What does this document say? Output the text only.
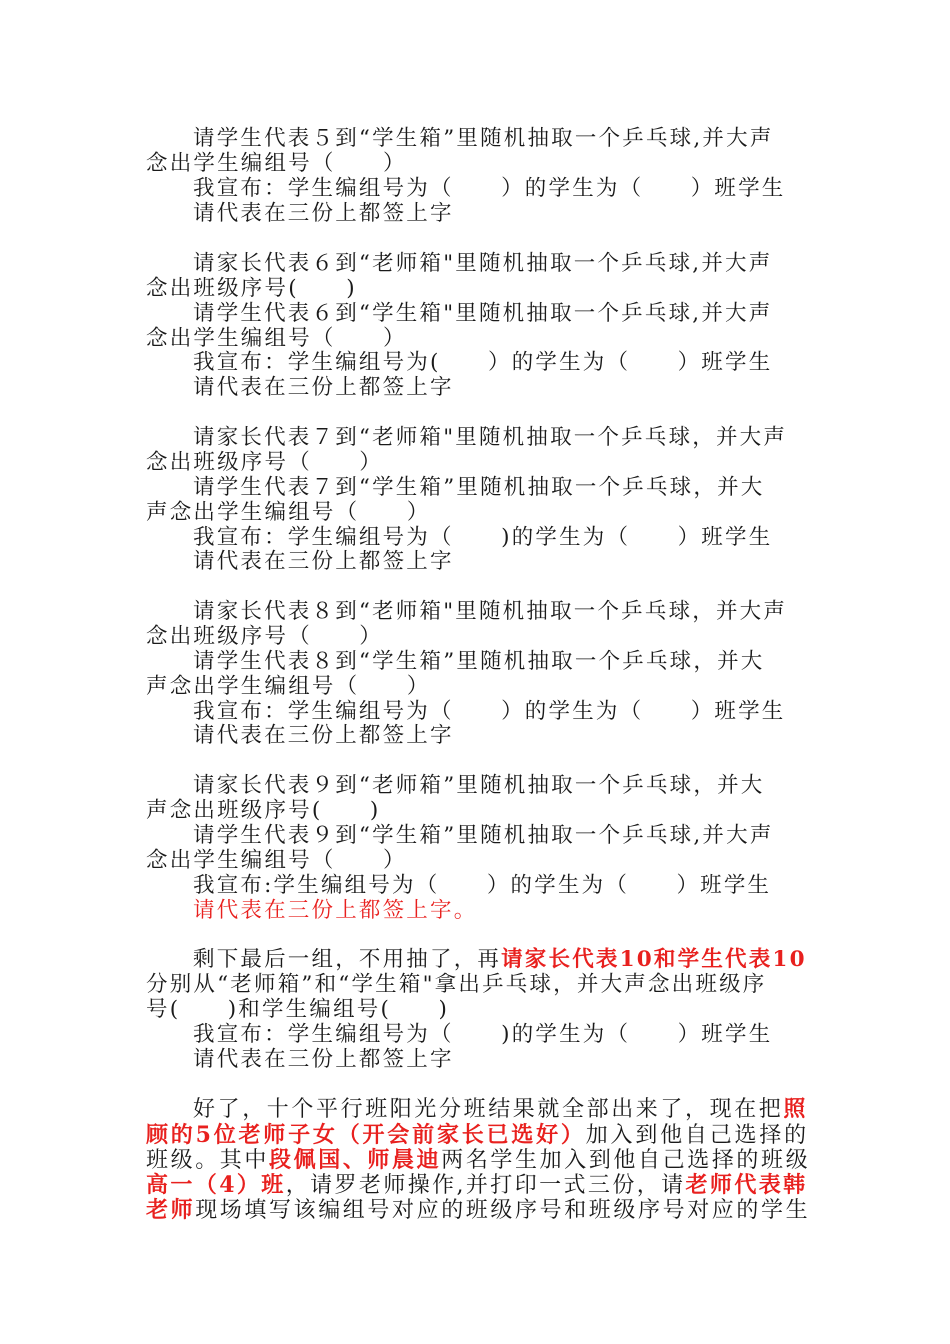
请学生代表５到“学生箱”里随机抽取一个乒乓球,并大声
念出学生编组号（　　）
我宣布：学生编组号为（　　）的学生为（　　）班学生
请代表在三份上都签上字
请家长代表６到“老师箱"里随机抽取一个乒乓球,并大声
念出班级序号(　　)
请学生代表６到“学生箱"里随机抽取一个乒乓球,并大声
念出学生编组号（　　）
我宣布：学生编组号为(　　）的学生为（　　）班学生
请代表在三份上都签上字
请家长代表７到“老师箱"里随机抽取一个乒乓球，并大声
念出班级序号（　　）
请学生代表７到“学生箱”里随机抽取一个乒乓球，并大
声念出学生编组号（　　）
我宣布：学生编组号为（　　)的学生为（　　）班学生
请代表在三份上都签上字
请家长代表８到“老师箱"里随机抽取一个乒乓球，并大声
念出班级序号（　　）
请学生代表８到“学生箱”里随机抽取一个乒乓球，并大
声念出学生编组号（　　）
我宣布：学生编组号为（　　）的学生为（　　）班学生
请代表在三份上都签上字
请家长代表９到“老师箱”里随机抽取一个乒乓球，并大
声念出班级序号(　　)
请学生代表９到“学生箱”里随机抽取一个乒乓球,并大声
念出学生编组号（　　）
我宣布:学生编组号为（　　）的学生为（　　）班学生
请代表在三份上都签上字。
剩下最后一组，不用抽了，再请家长代表10和学生代表10
分别从“老师箱”和“学生箱"拿出乒乓球，并大声念出班级序
号(　　)和学生编组号(　　)
我宣布：学生编组号为（　　)的学生为（　　）班学生
请代表在三份上都签上字
好了，十个平行班阳光分班结果就全部出来了，现在把照
顾的5位老师子女（开会前家长已选好）加入到他自己选择的
班级。其中段佩国、师晨迪两名学生加入到他自己选择的班级
高一（4）班，请罗老师操作,并打印一式三份，请老师代表韩
老师现场填写该编组号对应的班级序号和班级序号对应的学生
